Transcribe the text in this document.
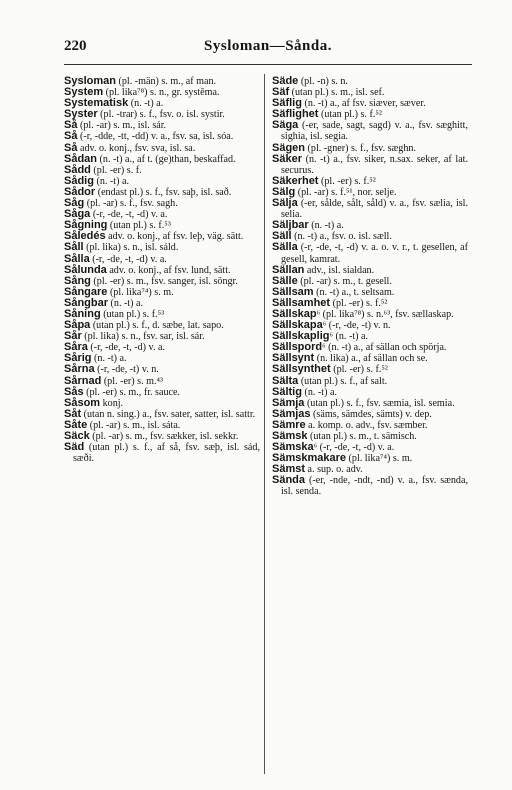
220	Sysloman—Sånda.

Sysloman (pl. -män) s. m., af man.

System (pl. lika⁷⁸) s. n., gr. systēma.

Systematisk (n. -t) a.

Syster (pl. -trar) s. f., fsv. o. isl. systir.

Så (pl. -ar) s. m., isl. sár.

Så (-r, -dde, -tt, -dd) v. a., fsv. sa, isl. sóa.

Så adv. o. konj., fsv. sva, isl. sa.

Sådan (n. -t) a., af t. (ge)than, beskaffad.

Sådd (pl. -er) s. f.

Sådig (n. -t) a.

Sådor (endast pl.) s. f., fsv. saþ, isl. sað.

Såg (pl. -ar) s. f., fsv. sagh.

Såga (-r, -de, -t, -d) v. a.

Sågning (utan pl.) s. f.⁵³

Såledés adv. o. konj., af fsv. leþ, väg. sätt.

Såll (pl. lika) s. n., isl. sáld.

Sålla (-r, -de, -t, -d) v. a.

Sålunda adv. o. konj., af fsv. lund, sätt.

Sång (pl. -er) s. m., fsv. sanger, isl. söngr.

Sångare (pl. lika⁷⁴) s. m.

Sångbar (n. -t) a.

Såning (utan pl.) s. f.⁵³

Såpa (utan pl.) s. f., d. sæbe, lat. sapo.

Sår (pl. lika) s. n., fsv. sar, isl. sár.

Såra (-r, -de, -t, -d) v. a.

Sårig (n. -t) a.

Sårna (-r, -de, -t) v. n.

Sårnad (pl. -er) s. m.⁴³

Sås (pl. -er) s. m., fr. sauce.

Såsom konj.

Såt (utan n. sing.) a., fsv. sater, satter, isl. sattr.

Såte (pl. -ar) s. m., isl. sáta.

Säck (pl. -ar) s. m., fsv. sækker, isl. sekkr.

Säd (utan pl.) s. f., af så, fsv. sæþ, isl. sád, sæði.

Säde (pl. -n) s. n.

Säf (utan pl.) s. m., isl. sef.

Säflig (n. -t) a., af fsv. siæver, sæver.

Säflighet (utan pl.) s. f.⁵²

Säga (-er, sade, sagt, sagd) v. a., fsv. sæghitt, sighia, isl. segia.

Sägen (pl. -gner) s. f., fsv. sæghn.

Säker (n. -t) a., fsv. siker, n.sax. seker, af lat. securus.

Säkerhet (pl. -er) s. f.⁵²

Sälg (pl. -ar) s. f.⁵¹, nor. selje.

Sälja (-er, sålde, sålt, såld) v. a., fsv. sælia, isl. selia.

Säljbar (n. -t) a.

Säll (n. -t) a., fsv. o. isl. sæll.

Sälla (-r, -de, -t, -d) v. a. o. v. r., t. gesellen, af gesell, kamrat.

Sällan adv., isl. sialdan.

Sälle (pl. -ar) s. m., t. gesell.

Sällsam (n. -t) a., t. seltsam.

Sällsamhet (pl. -er) s. f.⁵²

Sällskap⁶ (pl. lika⁷⁸) s. n.⁶³, fsv. sællaskap.

Sällskapa⁶ (-r, -de, -t) v. n.

Sällskaplig⁶ (n. -t) a.

Sällspord⁶ (n. -t) a., af sällan och spörja.

Sällsynt (n. lika) a., af sällan och se.

Sällsynthet (pl. -er) s. f.⁵²

Sälta (utan pl.) s. f., af salt.

Sältig (n. -t) a.

Sämja (utan pl.) s. f., fsv. sæmia, isl. semia.

Sämjas (säms, sämdes, sämts) v. dep.

Sämre a. komp. o. adv., fsv. sæmber.

Sämsk (utan pl.) s. m., t. sämisch.

Sämska⁶ (-r, -de, -t, -d) v. a.

Sämskmakare (pl. lika⁷⁴) s. m.

Sämst a. sup. o. adv.

Sända (-er, -nde, -ndt, -nd) v. a., fsv. sænda, isl. senda.
